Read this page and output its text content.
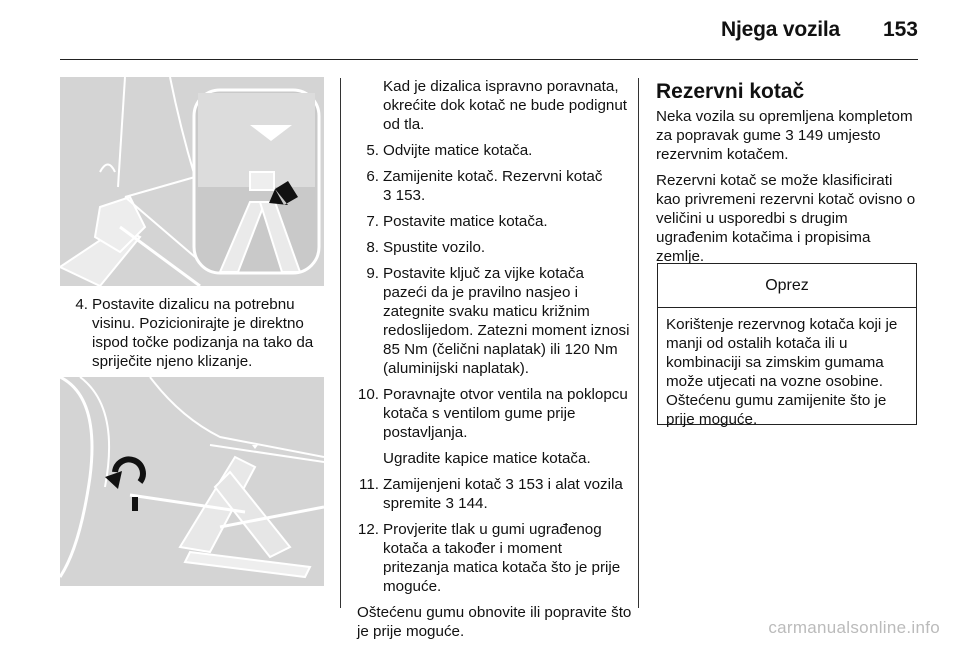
Njega vozila 153
4. Postavite dizalicu na potrebnu visinu. Pozicionirajte je direktno ispod točke podizanja na tako da spriječite njeno klizanje.

Kad je dizalica ispravno poravnata, okrećite dok kotač ne bude podignut od tla.

5. Odvijte matice kotača.
6. Zamijenite kotač. Rezervni kotač
3 153.
7. Postavite matice kotača.
8. Spustite vozilo.
9. Postavite ključ za vijke kotača pazeći da je pravilno nasjeo i zategnite svaku maticu križnim redoslijedom. Zatezni moment iznosi 85 Nm (čelični naplatak) ili 120 Nm (aluminijski naplatak).
10. Poravnajte otvor ventila na poklopcu kotača s ventilom gume prije postavljanja.

Ugradite kapice matice kotača.

11. Zamijenjeni kotač 3 153 i alat vozila spremite 3 144.
12. Provjerite tlak u gumi ugrađenog kotača a također i moment pritezanja matica kotača što je prije moguće.

Oštećenu gumu obnovite ili popravite što je prije moguće.

Rezervni kotač

Neka vozila su opremljena kompletom za popravak gume 3 149 umjesto rezervnim kotačem.

Rezervni kotač se može klasificirati kao privremeni rezervni kotač ovisno o veličini u usporedbi s drugim ugrađenim kotačima i propisima zemlje.

Oprez
Korištenje rezervnog kotača koji je manji od ostalih kotača ili u kombinaciji sa zimskim gumama može utjecati na vozne osobine. Oštećenu gumu zamijenite što je prije moguće.
carmanualsonline.info
